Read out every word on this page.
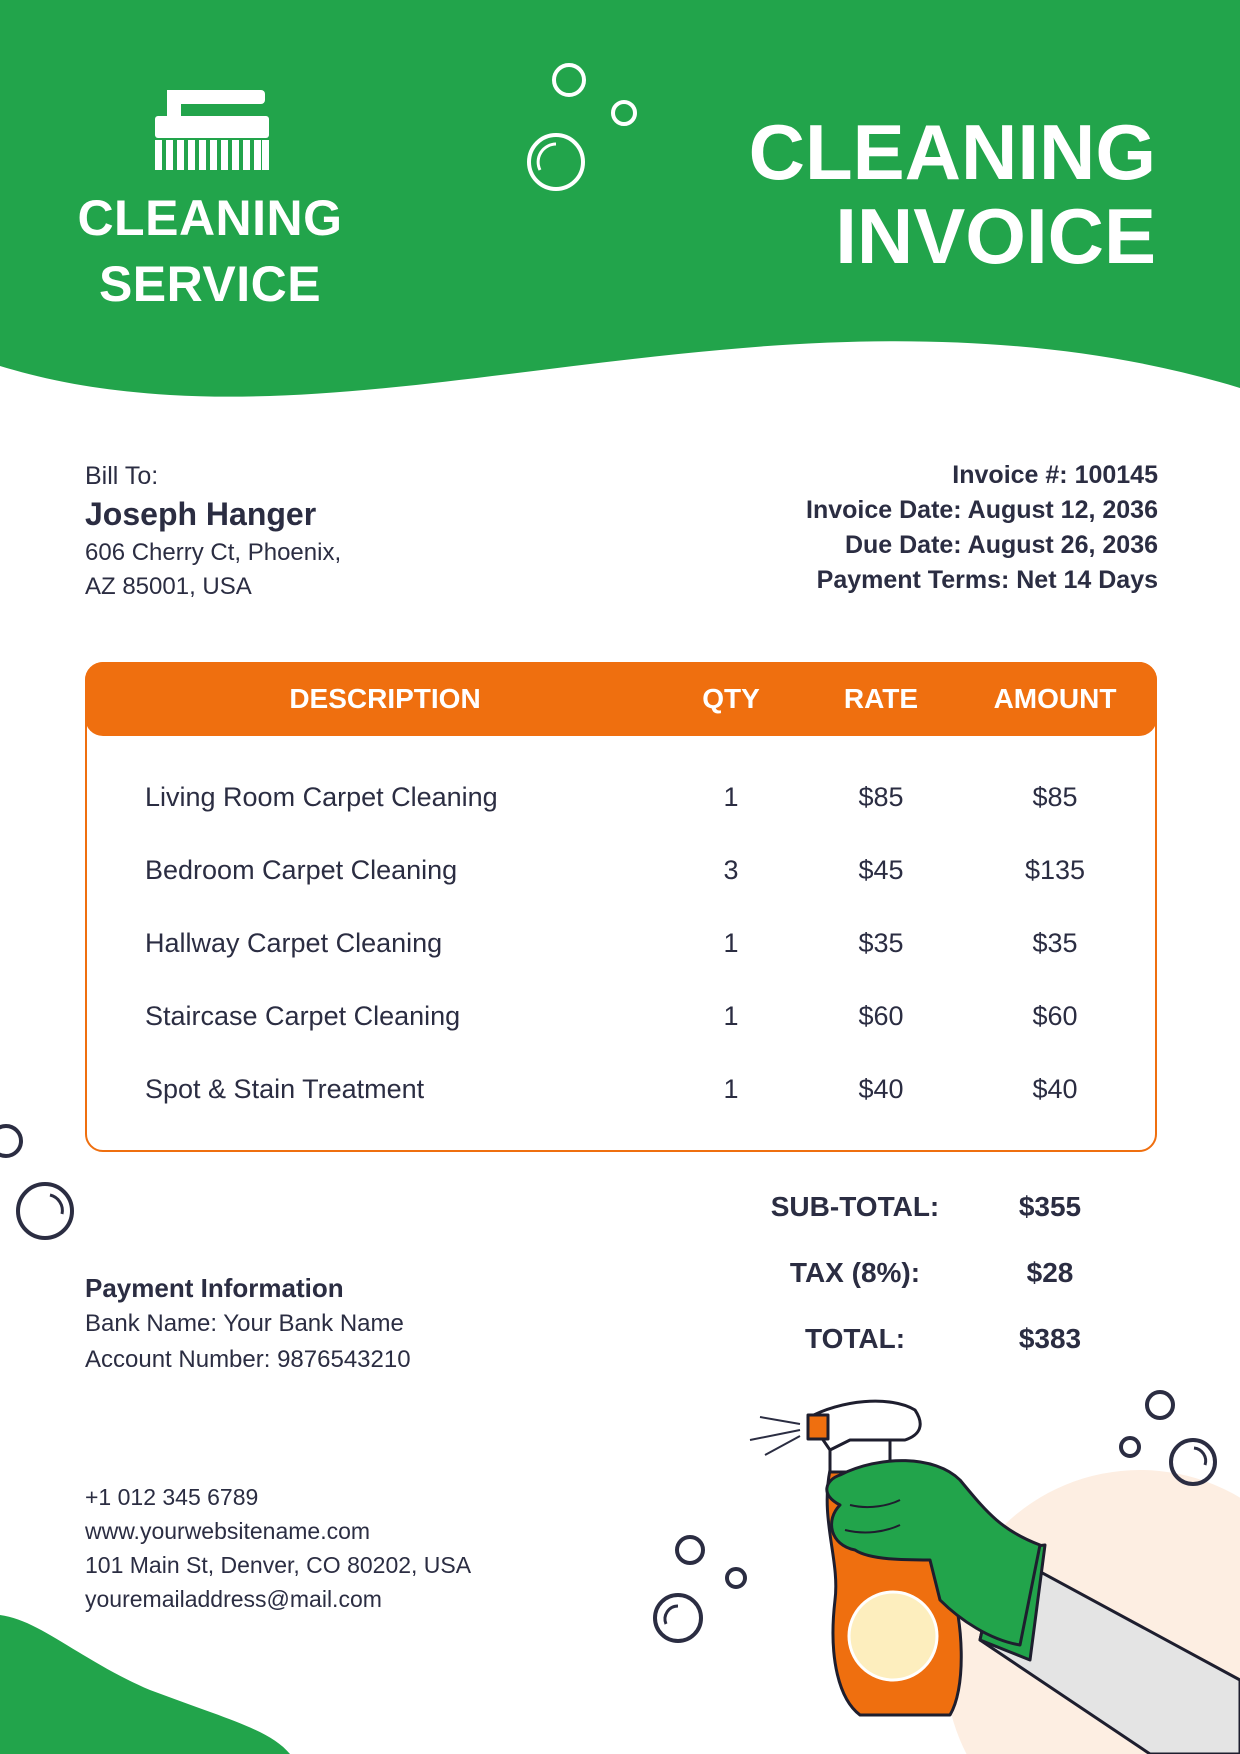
CLEANING
SERVICE
CLEANING
INVOICE
Bill To:
Joseph Hanger
606 Cherry Ct, Phoenix,
AZ 85001, USA
Invoice #: 100145
Invoice Date: August 12, 2036
Due Date: August 26, 2036
Payment Terms: Net 14 Days
DESCRIPTION	QTY	RATE	AMOUNT
Living Room Carpet Cleaning	1	$85	$85
Bedroom Carpet Cleaning	3	$45	$135
Hallway Carpet Cleaning	1	$35	$35
Staircase Carpet Cleaning	1	$60	$60
Spot & Stain Treatment	1	$40	$40
SUB-TOTAL:	$355
TAX (8%):	$28
TOTAL:	$383
Payment Information
Bank Name: Your Bank Name
Account Number: 9876543210
+1 012 345 6789
www.yourwebsitename.com
101 Main St, Denver, CO 80202, USA
youremailaddress@mail.com
